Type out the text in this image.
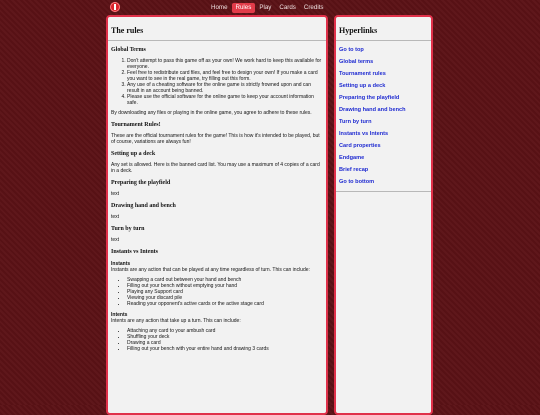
Home	Rules	Play	Cards	Credits
The rules
Global Terms
1. Don't attempt to pass this game off as your own! We work hard to keep this available for everyone.
2. Feel free to redistribute card files, and feel free to design your own! If you make a card you want to see in the real game, try filling out this form.
3. Any use of a cheating software for the online game is strictly frowned upon and can result in an account being banned.
4. Please use the official software for the online game to keep your account information safe.

By downloading any files or playing in the online game, you agree to adhere to these rules.

Tournament Rules!

These are the official tournament rules for the game! This is how it's intended to be played, but of course, variations are always fun!

Setting up a deck

Any set is allowed. Here is the banned card list. You may use a maximum of 4 copies of a card in a deck.

Preparing the playfield

text

Drawing hand and bench

text

Turn by turn

text

Instants vs Intents
Instants

Instants are any action that can be played at any time regardless of turn. This can include:

• Swapping a card out between your hand and bench
• Filling out your bench without emptying your hand
• Playing any Support card
• Viewing your discard pile
• Reading your opponent's active cards or the active stage card
Intents

Intents are any action that take up a turn. This can include:

• Attaching any card to your ambush card
• Shuffling your deck
• Drawing a card
• Filling out your bench with your entire hand and drawing 3 cards
Hyperlinks
Go to top
Global terms
Tournament rules
Setting up a deck
Preparing the playfield
Drawing hand and bench
Turn by turn
Instants vs Intents
Card properties
Endgame
Brief recap
Go to bottom
